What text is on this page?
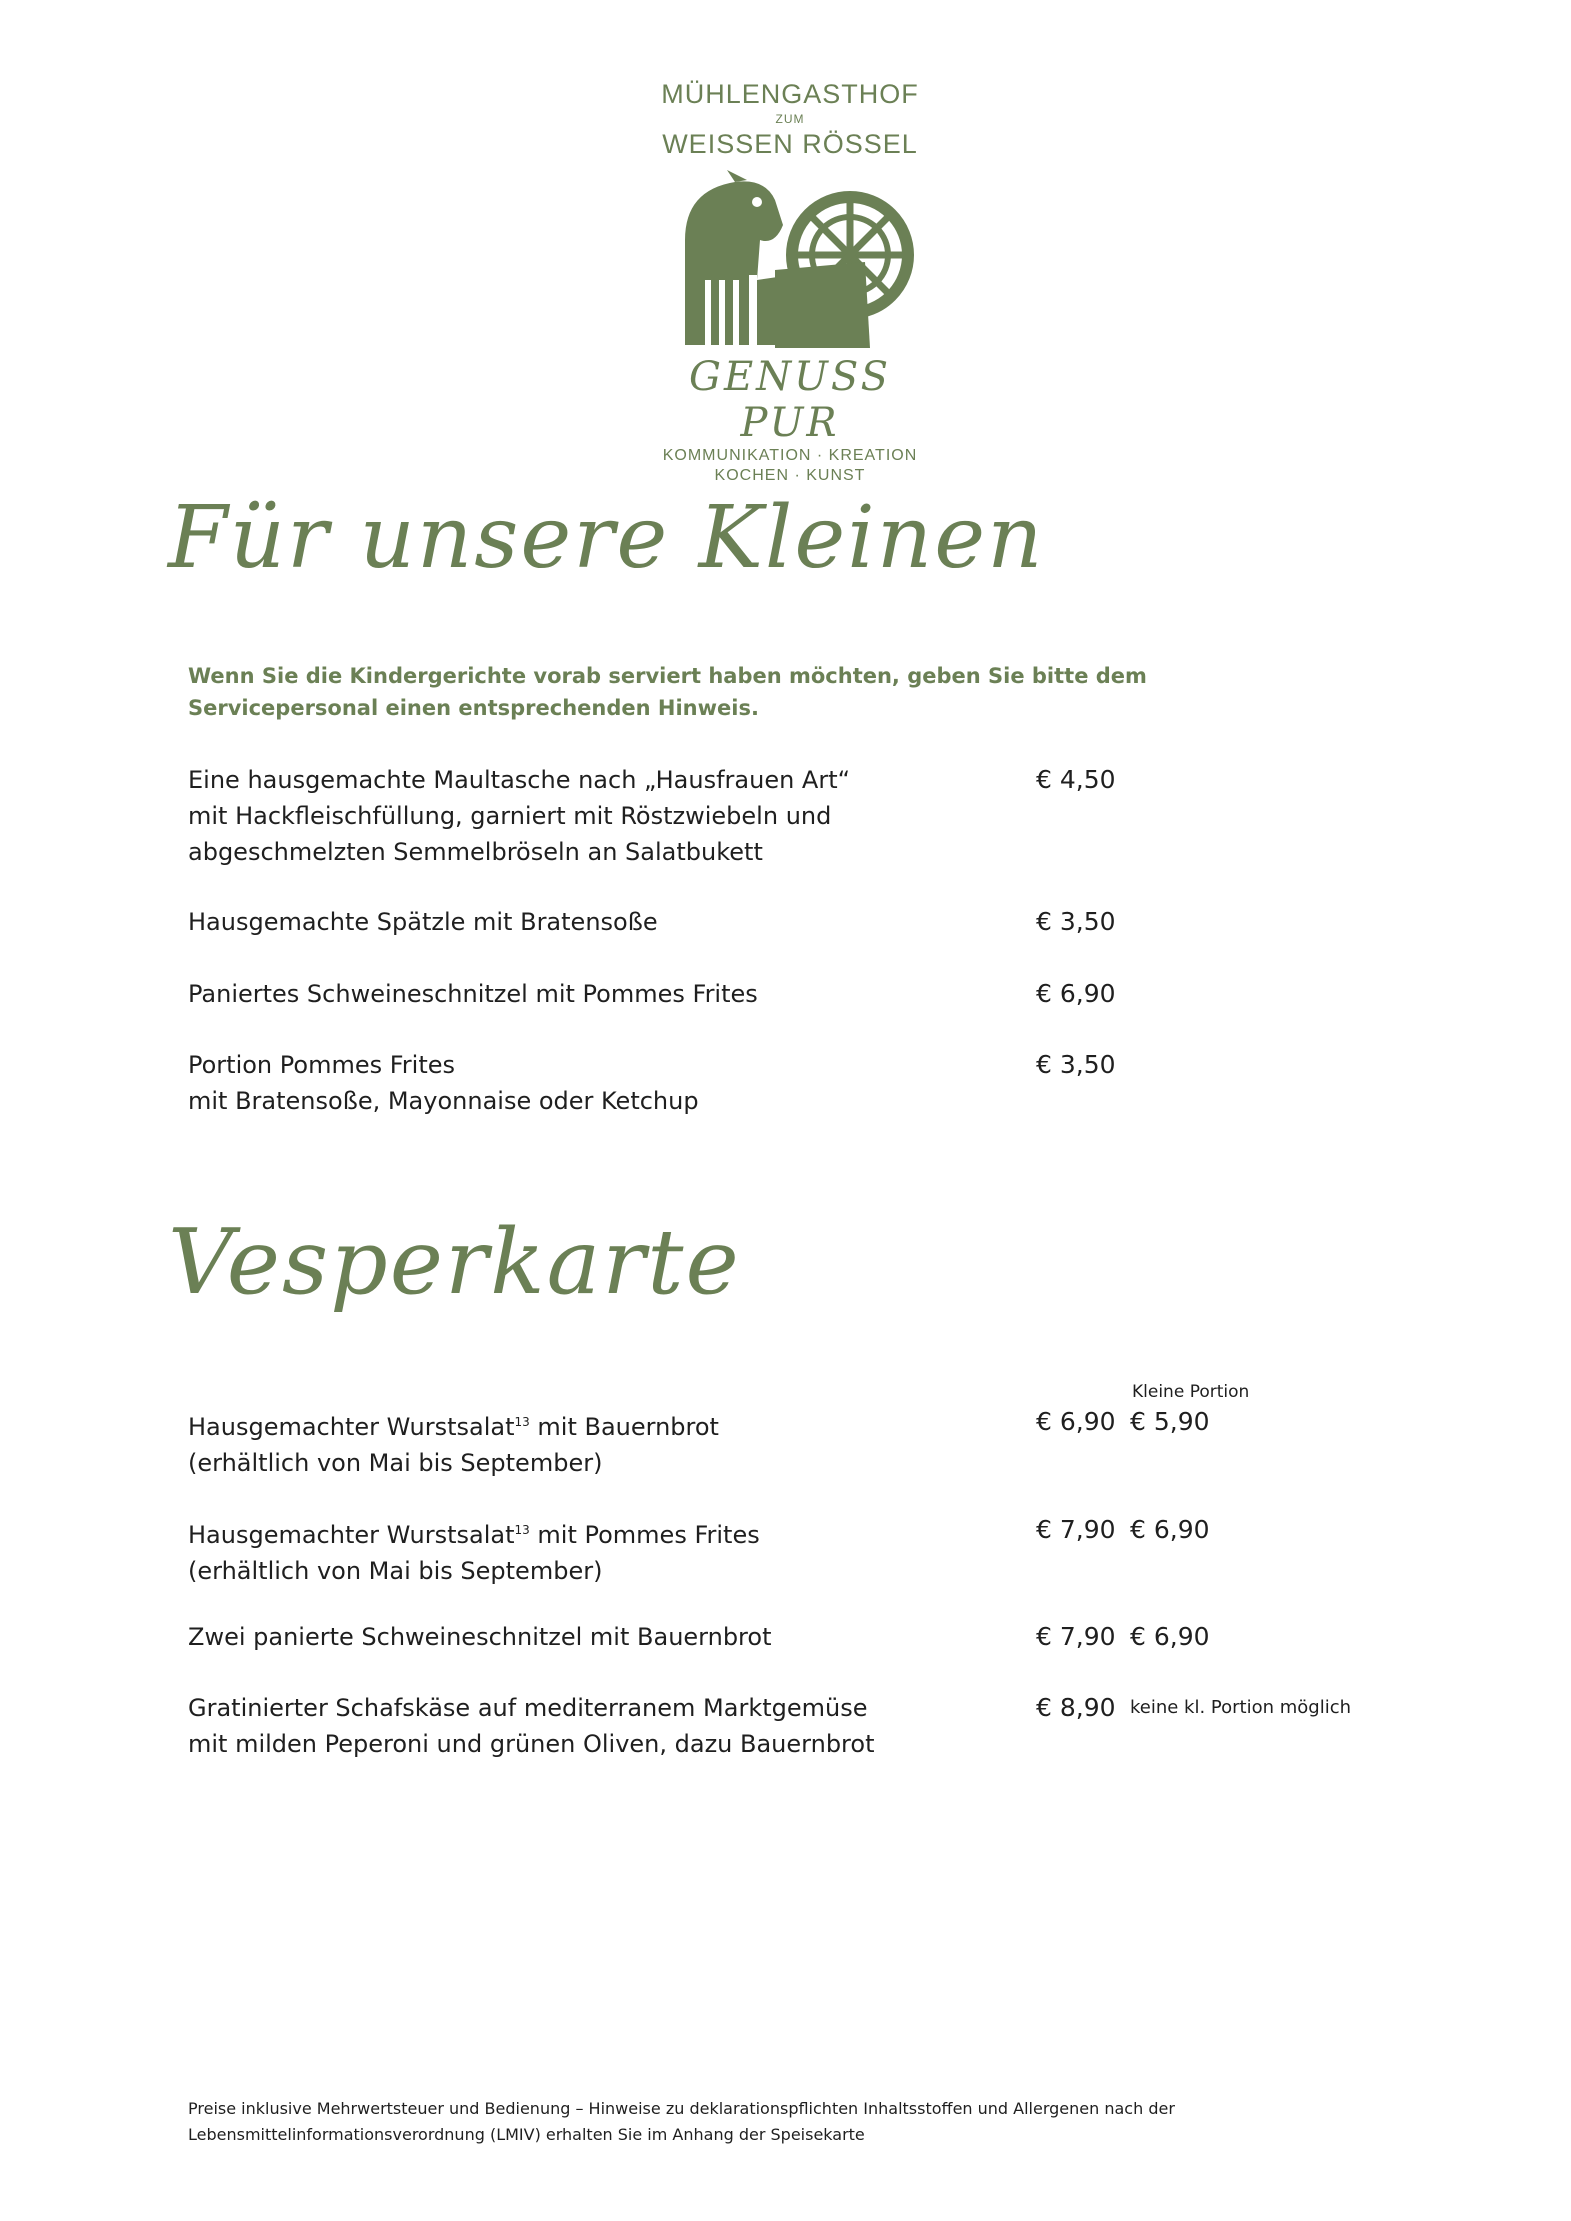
MÜHLENGASTHOF
ZUM
WEISSEN RÖSSEL
GENUSS PUR
KOMMUNIKATION · KREATION
KOCHEN · KUNST
Für unsere Kleinen
Wenn Sie die Kindergerichte vorab serviert haben möchten, geben Sie bitte dem
Servicepersonal einen entsprechenden Hinweis.
Eine hausgemachte Maultasche nach „Hausfrauen Art“
mit Hackfleischfüllung, garniert mit Röstzwiebeln und
abgeschmelzten Semmelbröseln an Salatbukett
€ 4,50
Hausgemachte Spätzle mit Bratensoße	€ 3,50
Paniertes Schweineschnitzel mit Pommes Frites	€ 6,90
Portion Pommes Frites
mit Bratensoße, Mayonnaise oder Ketchup
€ 3,50
Vesperkarte
Kleine Portion
Hausgemachter Wurstsalat$^{13}$ mit Bauernbrot
(erhältlich von Mai bis September)
€ 6,90 € 5,90
Hausgemachter Wurstsalat$^{13}$ mit Pommes Frites
(erhältlich von Mai bis September)
€ 7,90 € 6,90
Zwei panierte Schweineschnitzel mit Bauernbrot	€ 7,90 € 6,90
Gratinierter Schafskäse auf mediterranem Marktgemüse
mit milden Peperoni und grünen Oliven, dazu Bauernbrot
€ 8,90 keine kl. Portion möglich
Preise inklusive Mehrwertsteuer und Bedienung – Hinweise zu deklarationspflichten Inhaltsstoffen und Allergenen nach der
Lebensmittelinformationsverordnung (LMIV) erhalten Sie im Anhang der Speisekarte
